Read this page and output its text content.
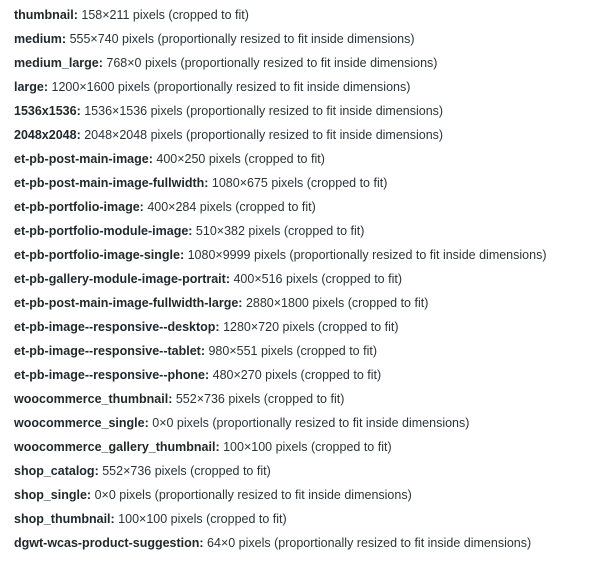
thumbnail: 158×211 pixels (cropped to fit)
medium: 555×740 pixels (proportionally resized to fit inside dimensions)
medium_large: 768×0 pixels (proportionally resized to fit inside dimensions)
large: 1200×1600 pixels (proportionally resized to fit inside dimensions)
1536x1536: 1536×1536 pixels (proportionally resized to fit inside dimensions)
2048x2048: 2048×2048 pixels (proportionally resized to fit inside dimensions)
et-pb-post-main-image: 400×250 pixels (cropped to fit)
et-pb-post-main-image-fullwidth: 1080×675 pixels (cropped to fit)
et-pb-portfolio-image: 400×284 pixels (cropped to fit)
et-pb-portfolio-module-image: 510×382 pixels (cropped to fit)
et-pb-portfolio-image-single: 1080×9999 pixels (proportionally resized to fit inside dimensions)
et-pb-gallery-module-image-portrait: 400×516 pixels (cropped to fit)
et-pb-post-main-image-fullwidth-large: 2880×1800 pixels (cropped to fit)
et-pb-image--responsive--desktop: 1280×720 pixels (cropped to fit)
et-pb-image--responsive--tablet: 980×551 pixels (cropped to fit)
et-pb-image--responsive--phone: 480×270 pixels (cropped to fit)
woocommerce_thumbnail: 552×736 pixels (cropped to fit)
woocommerce_single: 0×0 pixels (proportionally resized to fit inside dimensions)
woocommerce_gallery_thumbnail: 100×100 pixels (cropped to fit)
shop_catalog: 552×736 pixels (cropped to fit)
shop_single: 0×0 pixels (proportionally resized to fit inside dimensions)
shop_thumbnail: 100×100 pixels (cropped to fit)
dgwt-wcas-product-suggestion: 64×0 pixels (proportionally resized to fit inside dimensions)
